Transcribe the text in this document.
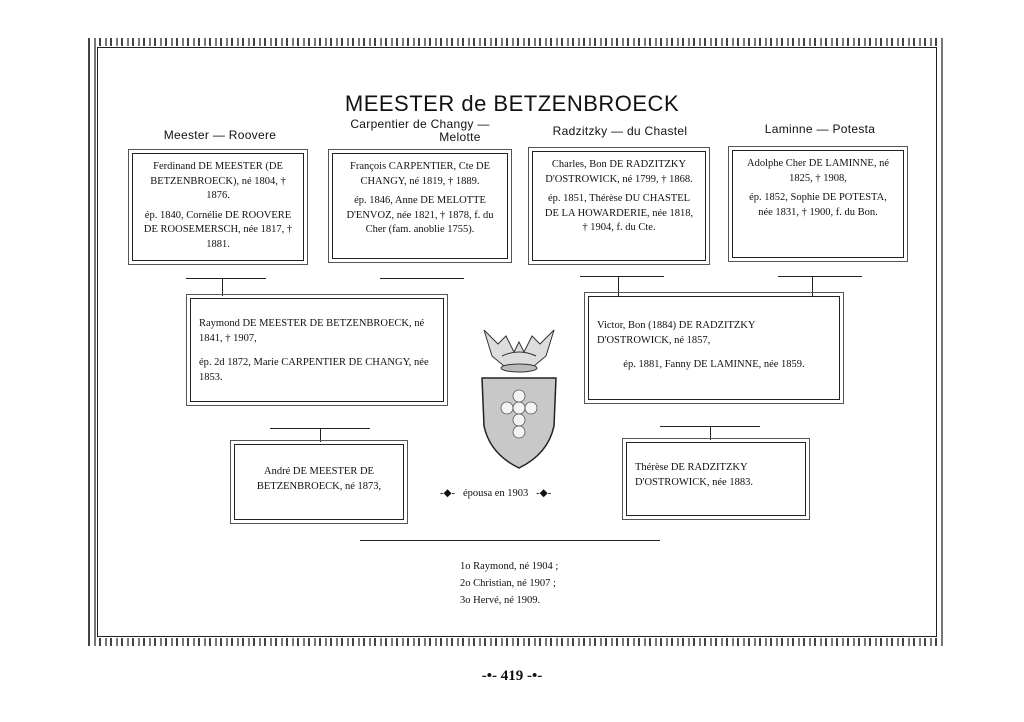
MEESTER de BETZENBROECK
Meester — Roovere
Carpentier de Changy —
Melotte	Radzitzky — du Chastel	Laminne — Potesta

Ferdinand DE MEESTER (DE BETZENBROECK), né 1804, † 1876.

ép. 1840, Cornélie DE ROOVERE DE ROOSEMERSCH, née 1817, † 1881.

François CARPENTIER, Cte DE CHANGY, né 1819, † 1889.

ép. 1846, Anne DE MELOTTE D'ENVOZ, née 1821, † 1878, f. du Cher (fam. anoblie 1755).

Charles, Bon DE RADZITZKY D'OSTROWICK, né 1799, † 1868.

ép. 1851, Thérèse DU CHASTEL DE LA HOWARDERIE, née 1818, † 1904, f. du Cte.

Adolphe Cher DE LAMINNE, né 1825, † 1908,

ép. 1852, Sophie DE POTESTA, née 1831, † 1900, f. du Bon.

Raymond DE MEESTER DE BETZENBROECK, né 1841, † 1907,

ép. 2d 1872, Marie CARPENTIER DE CHANGY, née 1853.

Victor, Bon (1884) DE RADZITZKY D'OSTROWICK, né 1857,

ép. 1881, Fanny DE LAMINNE, née 1859.

André DE MEESTER DE BETZENBROECK, né 1873,

Thérèse DE RADZITZKY D'OSTROWICK, née 1883.

-◆-   épousa en 1903   -◆-
1o Raymond, né 1904 ;
2o Christian, né 1907 ;
3o Hervé, né 1909.
-•- 419 -•-
